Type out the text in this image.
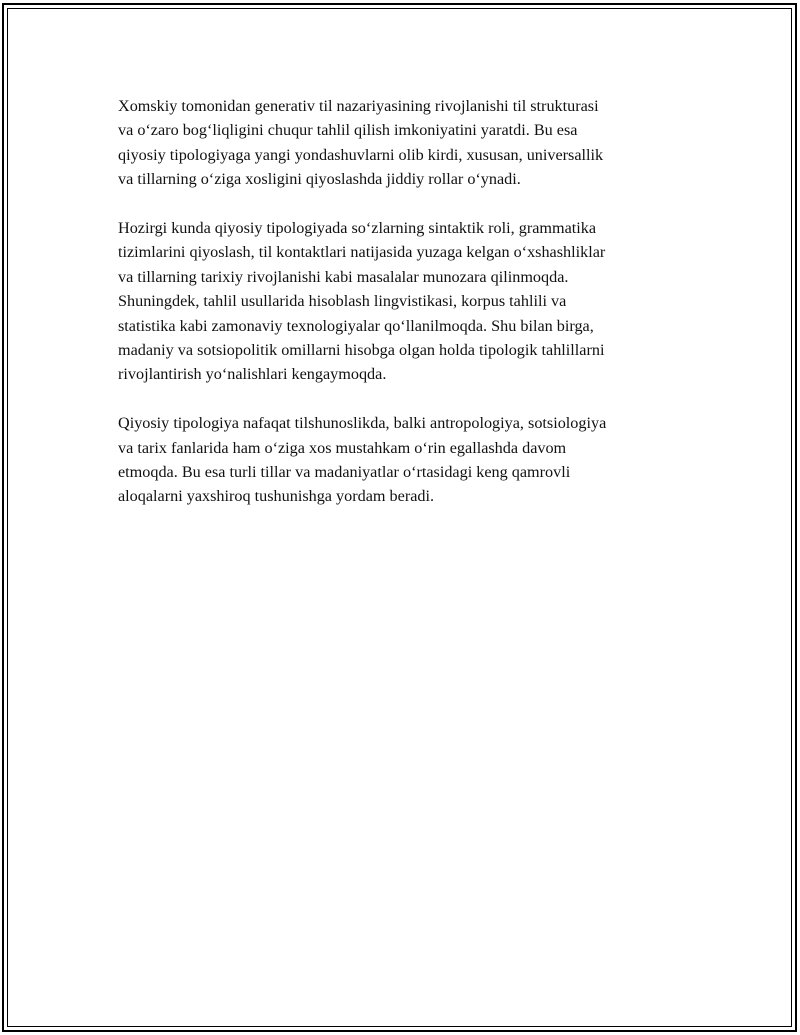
Xomskiy tomonidan generativ til nazariyasining rivojlanishi til strukturasi
va o‘zaro bog‘liqligini chuqur tahlil qilish imkoniyatini yaratdi. Bu esa
qiyosiy tipologiyaga yangi yondashuvlarni olib kirdi, xususan, universallik
va tillarning o‘ziga xosligini qiyoslashda jiddiy rollar o‘ynadi.

Hozirgi kunda qiyosiy tipologiyada so‘zlarning sintaktik roli, grammatika
tizimlarini qiyoslash, til kontaktlari natijasida yuzaga kelgan o‘xshashliklar
va tillarning tarixiy rivojlanishi kabi masalalar munozara qilinmoqda.
Shuningdek, tahlil usullarida hisoblash lingvistikasi, korpus tahlili va
statistika kabi zamonaviy texnologiyalar qo‘llanilmoqda. Shu bilan birga,
madaniy va sotsiopolitik omillarni hisobga olgan holda tipologik tahlillarni
rivojlantirish yo‘nalishlari kengaymoqda.

Qiyosiy tipologiya nafaqat tilshunoslikda, balki antropologiya, sotsiologiya
va tarix fanlarida ham o‘ziga xos mustahkam o‘rin egallashda davom
etmoqda. Bu esa turli tillar va madaniyatlar o‘rtasidagi keng qamrovli
aloqalarni yaxshiroq tushunishga yordam beradi.
